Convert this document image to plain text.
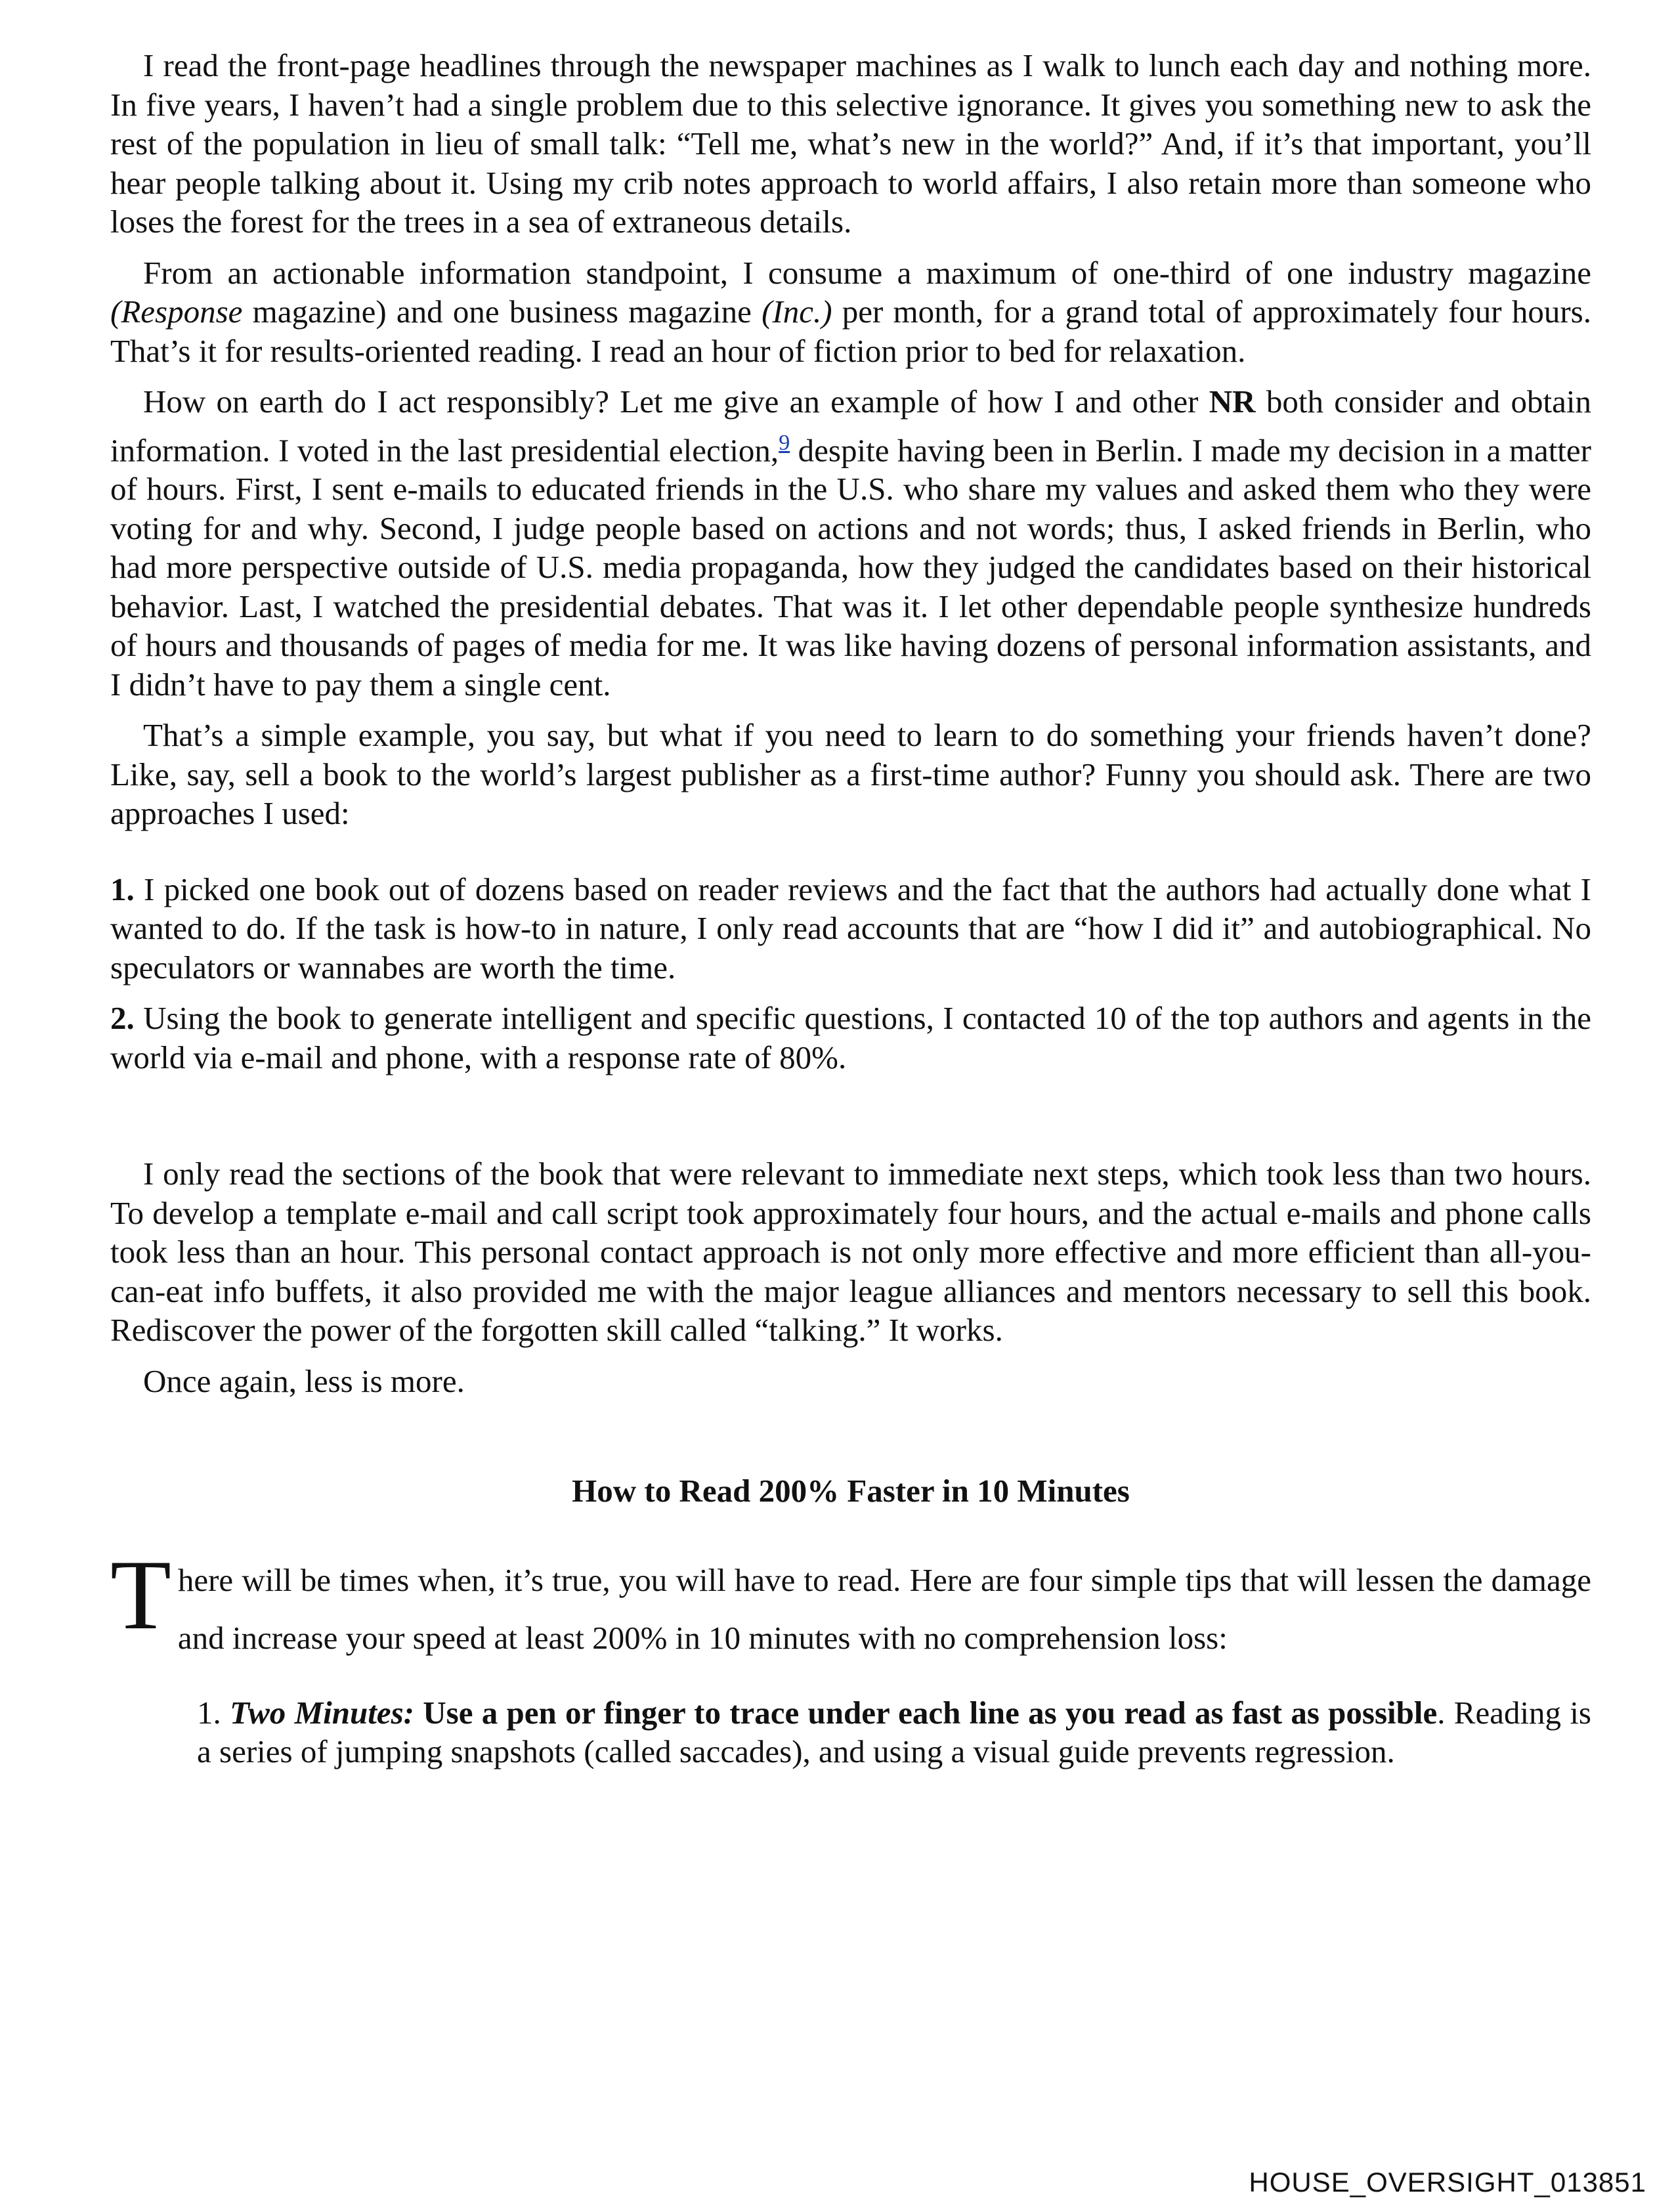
I read the front-page headlines through the newspaper machines as I walk to lunch each day and nothing more. In five years, I haven’t had a single problem due to this selective ignorance. It gives you something new to ask the rest of the population in lieu of small talk: “Tell me, what’s new in the world?” And, if it’s that important, you’ll hear people talking about it. Using my crib notes approach to world affairs, I also retain more than someone who loses the forest for the trees in a sea of extraneous details.

From an actionable information standpoint, I consume a maximum of one-third of one industry magazine (Response magazine) and one business magazine (Inc.) per month, for a grand total of approximately four hours. That’s it for results-oriented reading. I read an hour of fiction prior to bed for relaxation.

How on earth do I act responsibly? Let me give an example of how I and other NR both consider and obtain information. I voted in the last presidential election,$^9$ despite having been in Berlin. I made my decision in a matter of hours. First, I sent e-mails to educated friends in the U.S. who share my values and asked them who they were voting for and why. Second, I judge people based on actions and not words; thus, I asked friends in Berlin, who had more perspective outside of U.S. media propaganda, how they judged the candidates based on their historical behavior. Last, I watched the presidential debates. That was it. I let other dependable people synthesize hundreds of hours and thousands of pages of media for me. It was like having dozens of personal information assistants, and I didn’t have to pay them a single cent.

That’s a simple example, you say, but what if you need to learn to do something your friends haven’t done? Like, say, sell a book to the world’s largest publisher as a first-time author? Funny you should ask. There are two approaches I used:

1. I picked one book out of dozens based on reader reviews and the fact that the authors had actually done what I wanted to do. If the task is how-to in nature, I only read accounts that are “how I did it” and autobiographical. No speculators or wannabes are worth the time.

2. Using the book to generate intelligent and specific questions, I contacted 10 of the top authors and agents in the world via e-mail and phone, with a response rate of 80%.

I only read the sections of the book that were relevant to immediate next steps, which took less than two hours. To develop a template e-mail and call script took approximately four hours, and the actual e-mails and phone calls took less than an hour. This personal contact approach is not only more effective and more efficient than all-you-can-eat info buffets, it also provided me with the major league alliances and mentors necessary to sell this book. Rediscover the power of the forgotten skill called “talking.” It works.

Once again, less is more.

How to Read 200% Faster in 10 Minutes

There will be times when, it’s true, you will have to read. Here are four simple tips that will lessen the damage and increase your speed at least 200% in 10 minutes with no comprehension loss:

1. Two Minutes: Use a pen or finger to trace under each line as you read as fast as possible. Reading is a series of jumping snapshots (called saccades), and using a visual guide prevents regression.

HOUSE_OVERSIGHT_013851
